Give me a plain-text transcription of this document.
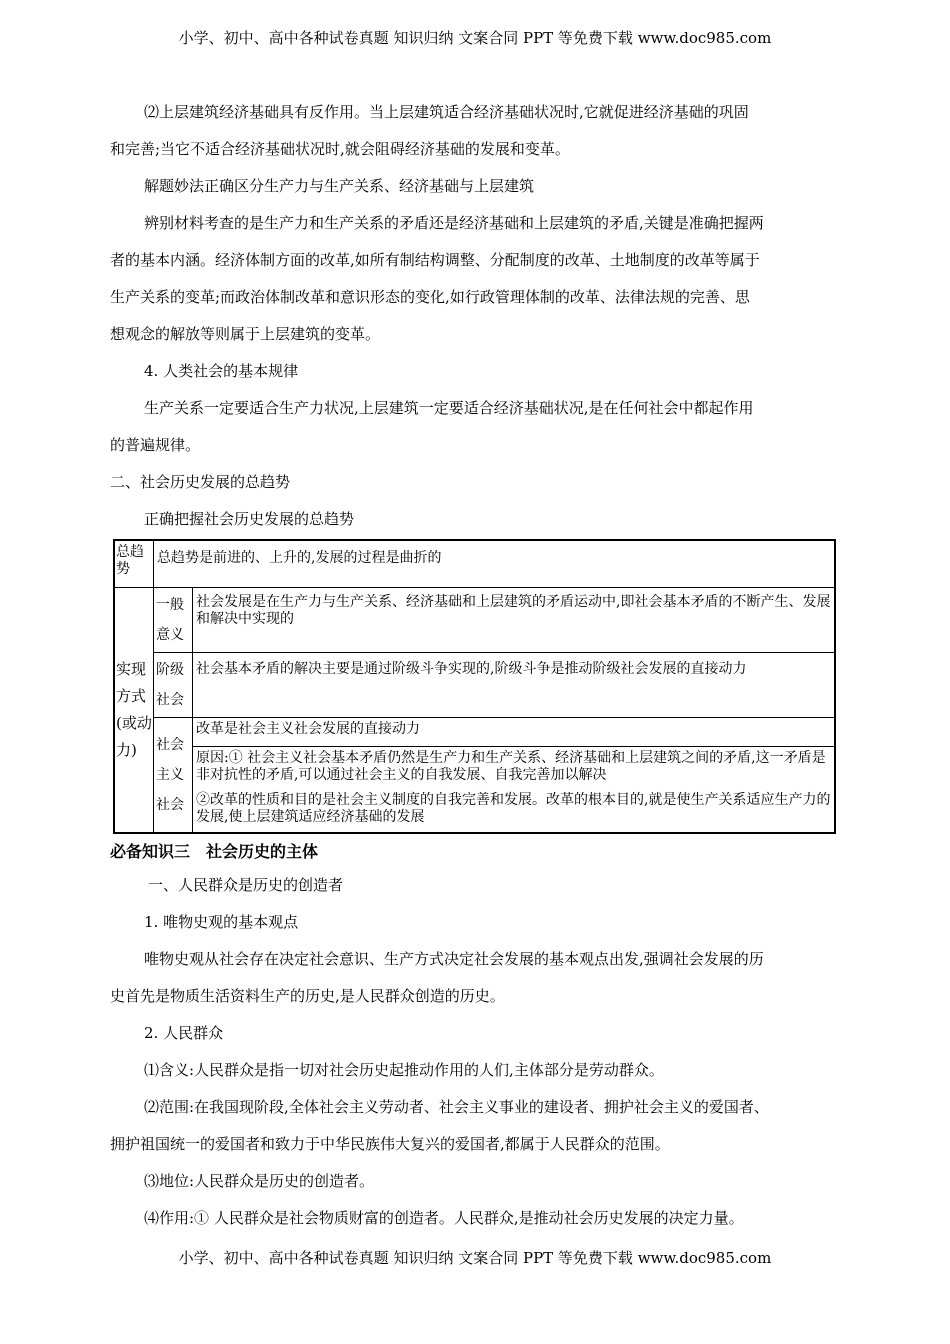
小学、初中、高中各种试卷真题 知识归纳 文案合同 PPT 等免费下载 www.doc985.com

⑵上层建筑经济基础具有反作用。当上层建筑适合经济基础状况时,它就促进经济基础的巩固

和完善;当它不适合经济基础状况时,就会阻碍经济基础的发展和变革。

解题妙法正确区分生产力与生产关系、经济基础与上层建筑

辨别材料考查的是生产力和生产关系的矛盾还是经济基础和上层建筑的矛盾,关键是准确把握两

者的基本内涵。经济体制方面的改革,如所有制结构调整、分配制度的改革、土地制度的改革等属于

生产关系的变革;而政治体制改革和意识形态的变化,如行政管理体制的改革、法律法规的完善、思

想观念的解放等则属于上层建筑的变革。

4. 人类社会的基本规律

生产关系一定要适合生产力状况,上层建筑一定要适合经济基础状况,是在任何社会中都起作用

的普遍规律。

二、社会历史发展的总趋势

正确把握社会历史发展的总趋势

总趋势	总趋势是前进的、上升的,发展的过程是曲折的	
实现方式(或动力)	一般意义	社会发展是在生产力与生产关系、经济基础和上层建筑的矛盾运动中,即社会基本矛盾的不断产生、发展和解决中实现的
	阶级社会	社会基本矛盾的解决主要是通过阶级斗争实现的,阶级斗争是推动阶级社会发展的直接动力
	社会主义社会	改革是社会主义社会发展的直接动力
		原因:① 社会主义社会基本矛盾仍然是生产力和生产关系、经济基础和上层建筑之间的矛盾,这一矛盾是非对抗性的矛盾,可以通过社会主义的自我发展、自我完善加以解决
		②改革的性质和目的是社会主义制度的自我完善和发展。改革的根本目的,就是使生产关系适应生产力的发展,使上层建筑适应经济基础的发展
必备知识三　社会历史的主体

一、人民群众是历史的创造者

1. 唯物史观的基本观点

唯物史观从社会存在决定社会意识、生产方式决定社会发展的基本观点出发,强调社会发展的历

史首先是物质生活资料生产的历史,是人民群众创造的历史。

2. 人民群众

⑴含义:人民群众是指一切对社会历史起推动作用的人们,主体部分是劳动群众。

⑵范围:在我国现阶段,全体社会主义劳动者、社会主义事业的建设者、拥护社会主义的爱国者、

拥护祖国统一的爱国者和致力于中华民族伟大复兴的爱国者,都属于人民群众的范围。

⑶地位:人民群众是历史的创造者。

⑷作用:① 人民群众是社会物质财富的创造者。人民群众,是推动社会历史发展的决定力量。

小学、初中、高中各种试卷真题 知识归纳 文案合同 PPT 等免费下载 www.doc985.com
